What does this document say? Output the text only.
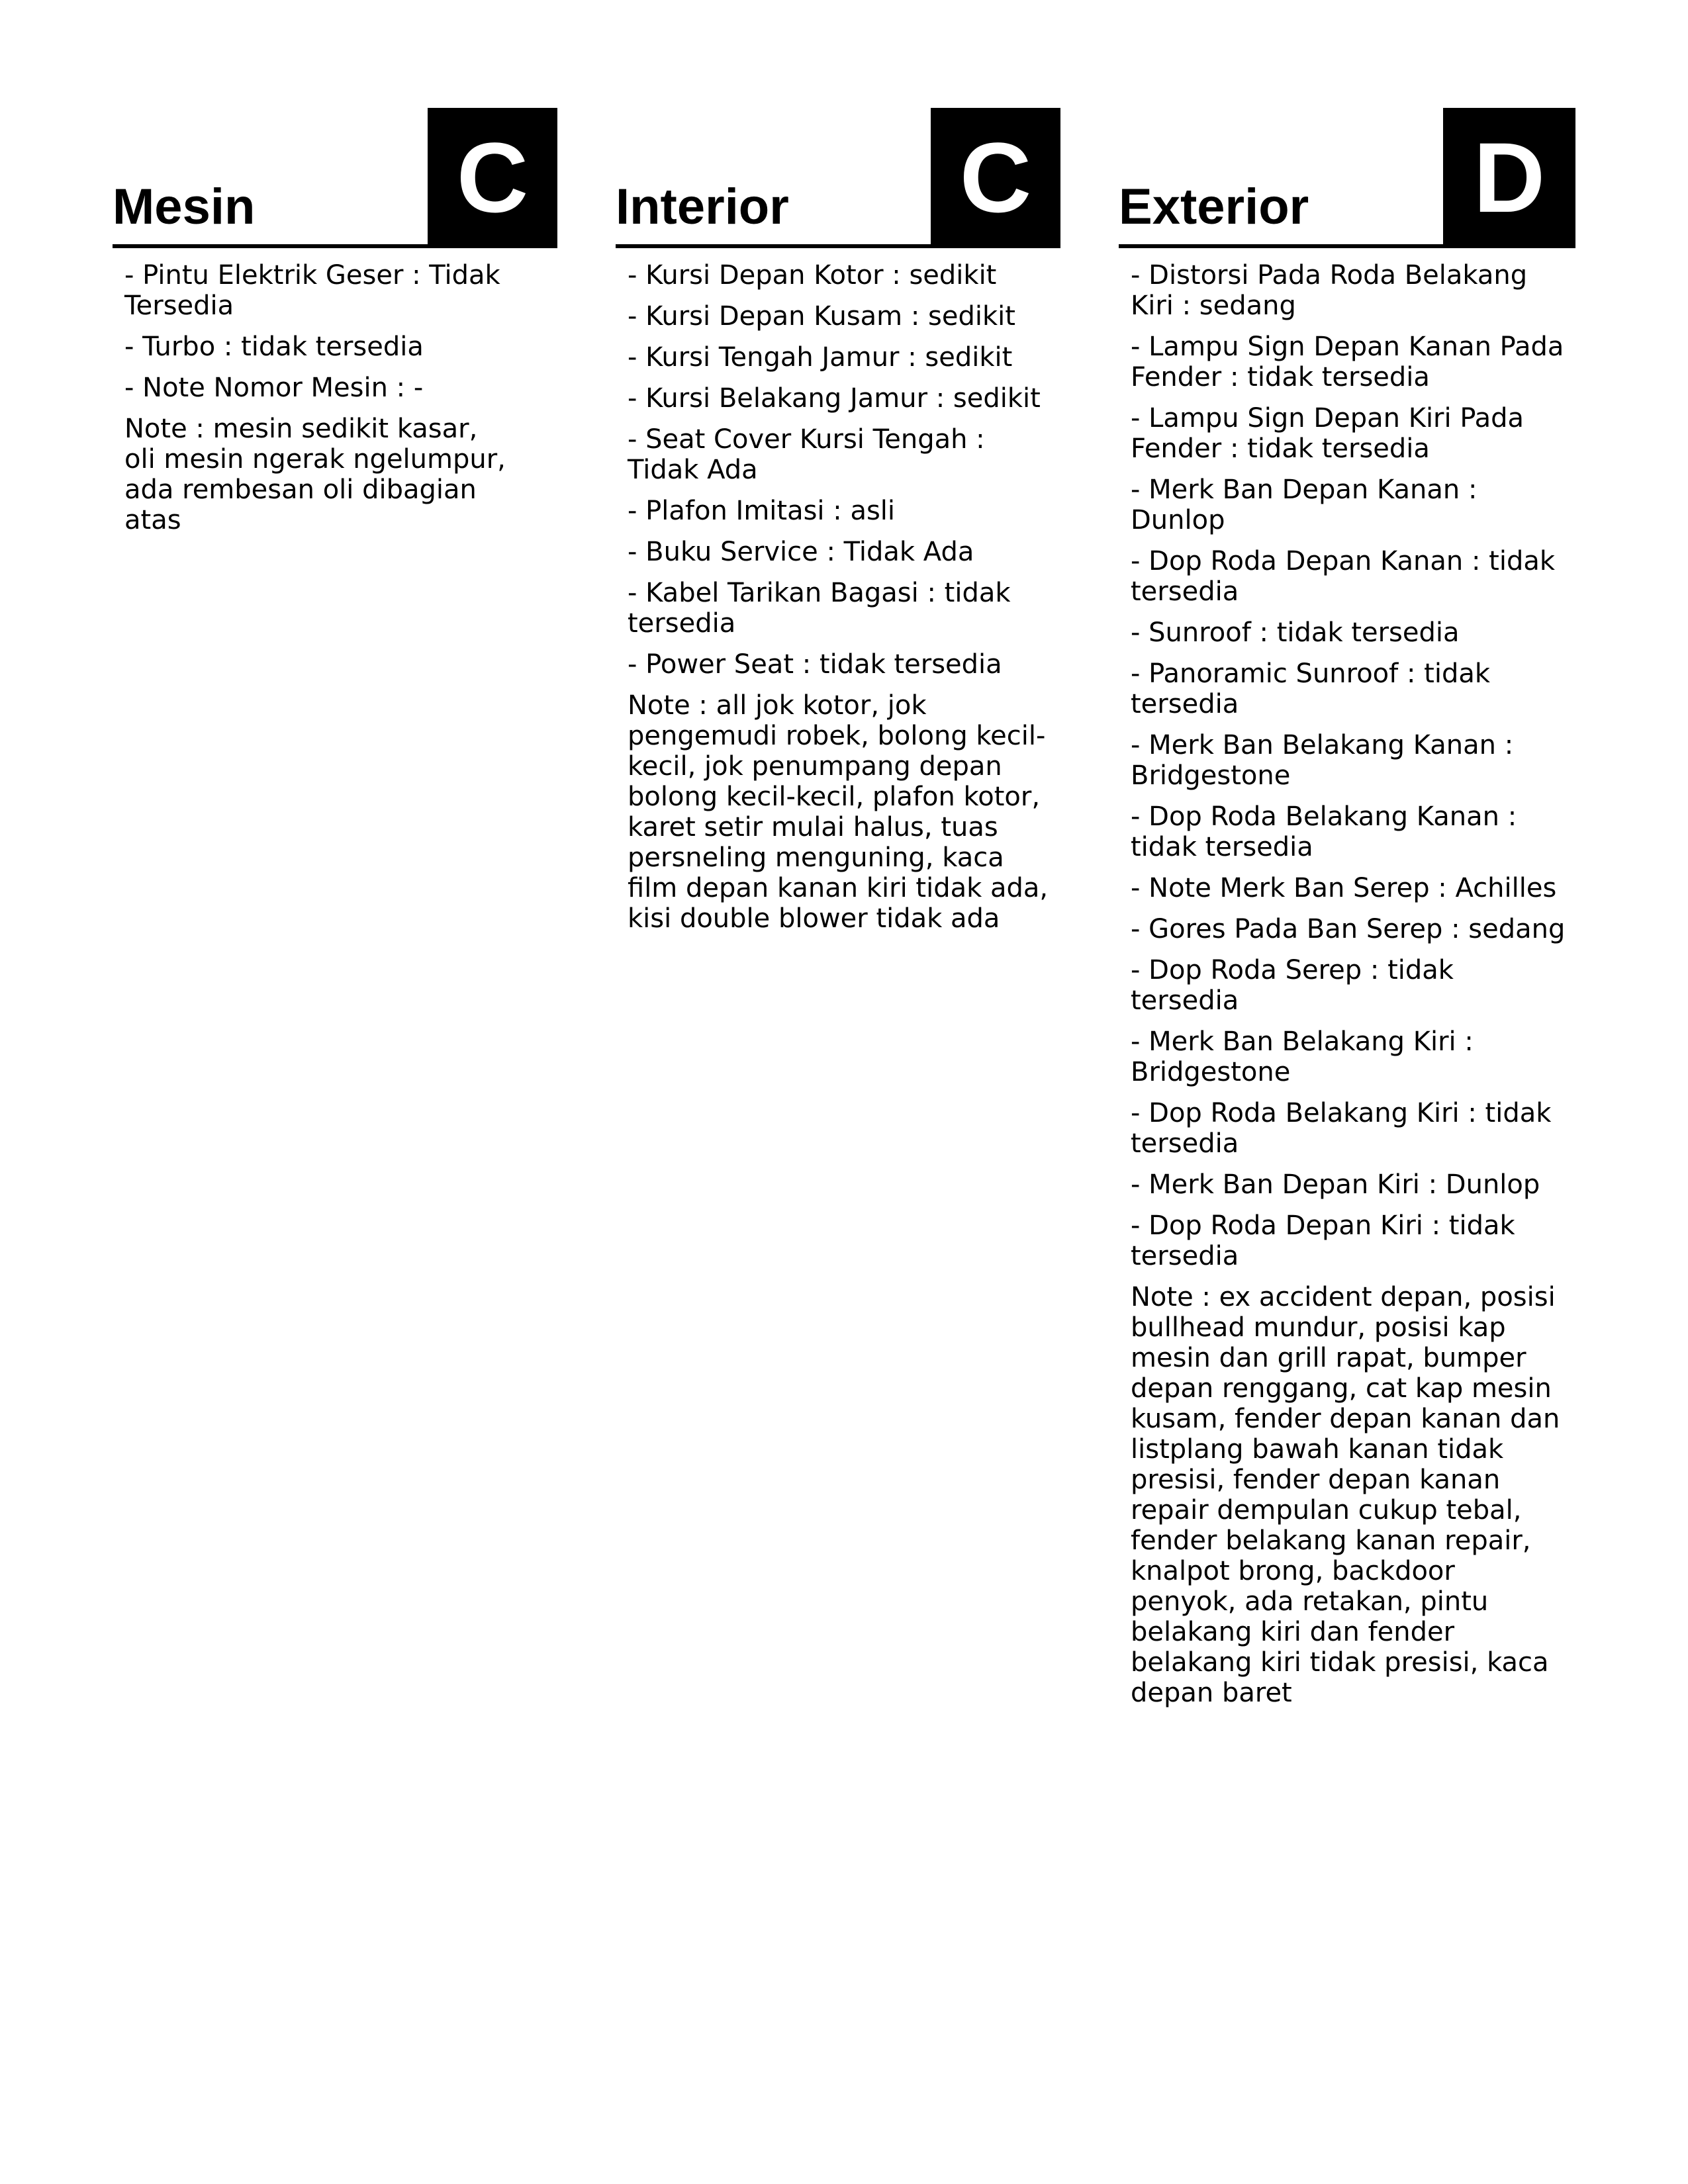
Mesin C
- Pintu Elektrik Geser : Tidak Tersedia
- Turbo : tidak tersedia
- Note Nomor Mesin : -
Note : mesin sedikit kasar, oli mesin ngerak ngelumpur, ada rembesan oli dibagian atas
Interior C
- Kursi Depan Kotor : sedikit
- Kursi Depan Kusam : sedikit
- Kursi Tengah Jamur : sedikit
- Kursi Belakang Jamur : sedikit
- Seat Cover Kursi Tengah : Tidak Ada
- Plafon Imitasi : asli
- Buku Service : Tidak Ada
- Kabel Tarikan Bagasi : tidak tersedia
- Power Seat : tidak tersedia
Note : all jok kotor, jok pengemudi robek, bolong kecil-kecil, jok penumpang depan bolong kecil-kecil, plafon kotor, karet setir mulai halus, tuas persneling menguning, kaca film depan kanan kiri tidak ada, kisi double blower tidak ada
Exterior	D
- Distorsi Pada Roda Belakang Kiri : sedang
- Lampu Sign Depan Kanan Pada Fender : tidak tersedia
- Lampu Sign Depan Kiri Pada Fender : tidak tersedia
- Merk Ban Depan Kanan : Dunlop
- Dop Roda Depan Kanan : tidak tersedia
- Sunroof : tidak tersedia
- Panoramic Sunroof : tidak tersedia
- Merk Ban Belakang Kanan : Bridgestone
- Dop Roda Belakang Kanan : tidak tersedia
- Note Merk Ban Serep : Achilles
- Gores Pada Ban Serep : sedang
- Dop Roda Serep : tidak tersedia
- Merk Ban Belakang Kiri : Bridgestone
- Dop Roda Belakang Kiri : tidak tersedia
- Merk Ban Depan Kiri : Dunlop
- Dop Roda Depan Kiri : tidak tersedia
Note : ex accident depan, posisi bullhead mundur, posisi kap mesin dan grill rapat, bumper depan renggang, cat kap mesin kusam, fender depan kanan dan listplang bawah kanan tidak presisi, fender depan kanan repair dempulan cukup tebal, fender belakang kanan repair, knalpot brong, backdoor penyok, ada retakan, pintu belakang kiri dan fender belakang kiri tidak presisi, kaca depan baret
